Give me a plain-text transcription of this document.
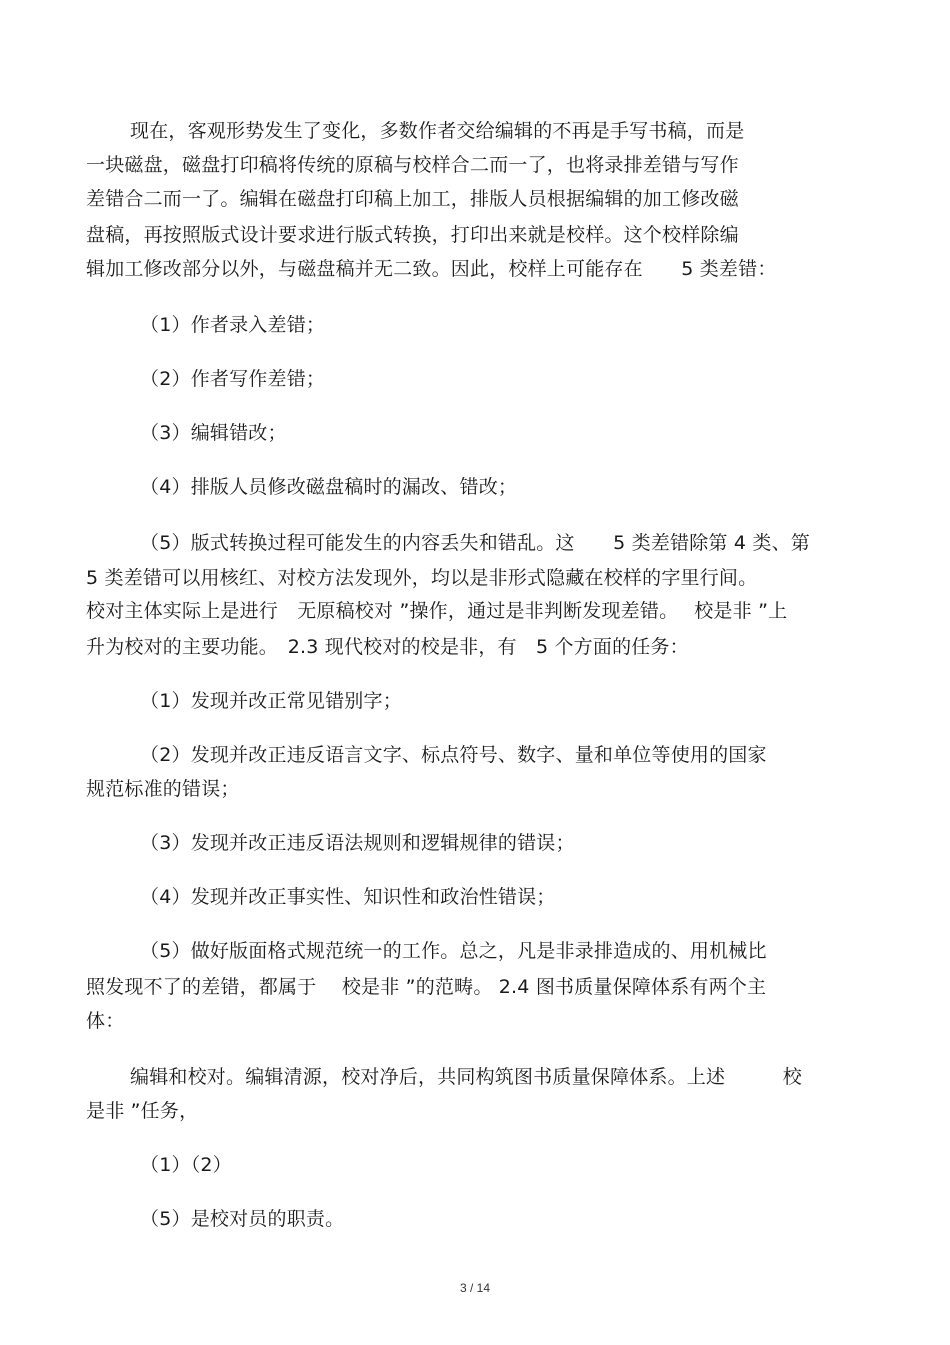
现在，客观形势发生了变化，多数作者交给编辑的不再是手写书稿，而是
一块磁盘，磁盘打印稿将传统的原稿与校样合二而一了，也将录排差错与写作
差错合二而一了。编辑在磁盘打印稿上加工，排版人员根据编辑的加工修改磁
盘稿，再按照版式设计要求进行版式转换，打印出来就是校样。这个校样除编
辑加工修改部分以外，与磁盘稿并无二致。因此，校样上可能存在　　5 类差错：
（1）作者录入差错；
（2）作者写作差错；
（3）编辑错改；
（4）排版人员修改磁盘稿时的漏改、错改；
（5）版式转换过程可能发生的内容丢失和错乱。这　　5 类差错除第 4 类、第
5 类差错可以用核红、对校方法发现外，均以是非形式隐藏在校样的字里行间。
校对主体实际上是进行　无原稿校对 ”操作，通过是非判断发现差错。　 校是非 ”上
升为校对的主要功能。　2.3 现代校对的校是非，有　5 个方面的任务：
（1）发现并改正常见错别字；
（2）发现并改正违反语言文字、标点符号、数字、量和单位等使用的国家
规范标准的错误；
（3）发现并改正违反语法规则和逻辑规律的错误；
（4）发现并改正事实性、知识性和政治性错误；
（5）做好版面格式规范统一的工作。总之，凡是非录排造成的、用机械比
照发现不了的差错，都属于　 校是非 ”的范畴。 2.4 图书质量保障体系有两个主
体：
编辑和校对。编辑清源，校对净后，共同构筑图书质量保障体系。上述　　　校
是非 ”任务，
（1）（2）
（5）是校对员的职责。
3 / 14
